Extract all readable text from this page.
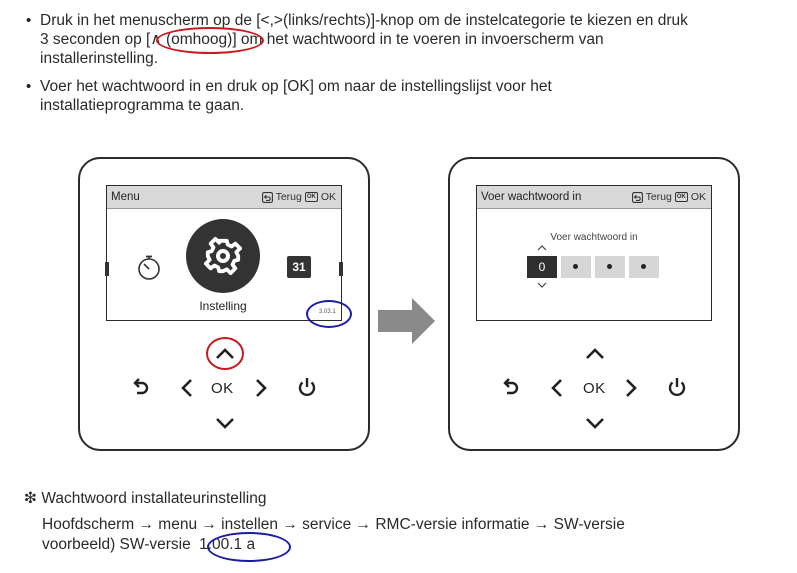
• Druk in het menuscherm op de [<,>(links/rechts)]-knop om de instelcategorie te kiezen en druk
3 seconden op [∧ (omhoog)] om het wachtwoord in te voeren in invoerscherm van
installerinstelling.
• Voer het wachtwoord in en druk op [OK] om naar de instellingslijst voor het
installatieprogramma te gaan.
Menu	Terug OK OK
Instelling
31
3.03.1
OK
Voer wachtwoord in	Terug OK OK
Voer wachtwoord in
0
OK
❇ Wachtwoord installateurinstelling
Hoofdscherm → menu → instellen → service → RMC-versie informatie → SW-versie
voorbeeld) SW-versie 1.00.1 a
